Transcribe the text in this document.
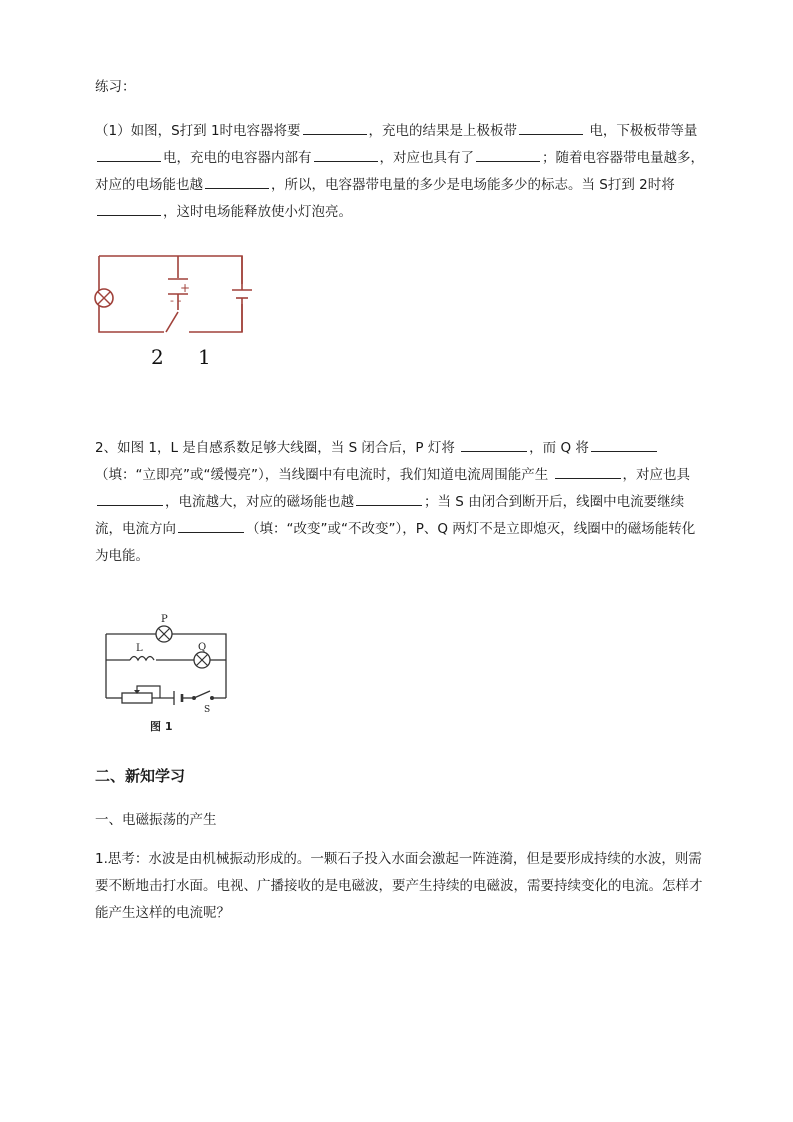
练习：
（1）如图，S打到 1时电容器将要	，充电的结果是上极板带	电，下极板带等量电，充电的电容器内部有	，对应也具有了	；随着电容器带电量越多，对应的电场能也越	，所以，电容器带电量的多少是电场能多少的标志。当 S打到 2时将，这时电场能释放使小灯泡亮。
+
- -
2 1
2、如图 1，L 是自感系数足够大线圈，当 S 闭合后，P 灯将	，而 Q 将（填：“立即亮”或“缓慢亮”），当线圈中有电流时，我们知道电流周围能产生	，对应也具，电流越大，对应的磁场能也越	；当 S 由闭合到断开后，线圈中电流要继续流，电流方向	（填：“改变”或“不改变”），P、Q 两灯不是立即熄灭，线圈中的磁场能转化为电能。
P
Q
L
S
图 1
二、新知学习
一、电磁振荡的产生
1.思考：水波是由机械振动形成的。一颗石子投入水面会激起一阵涟漪，但是要形成持续的水波，则需要不断地击打水面。电视、广播接收的是电磁波，要产生持续的电磁波，需要持续变化的电流。怎样才能产生这样的电流呢？
